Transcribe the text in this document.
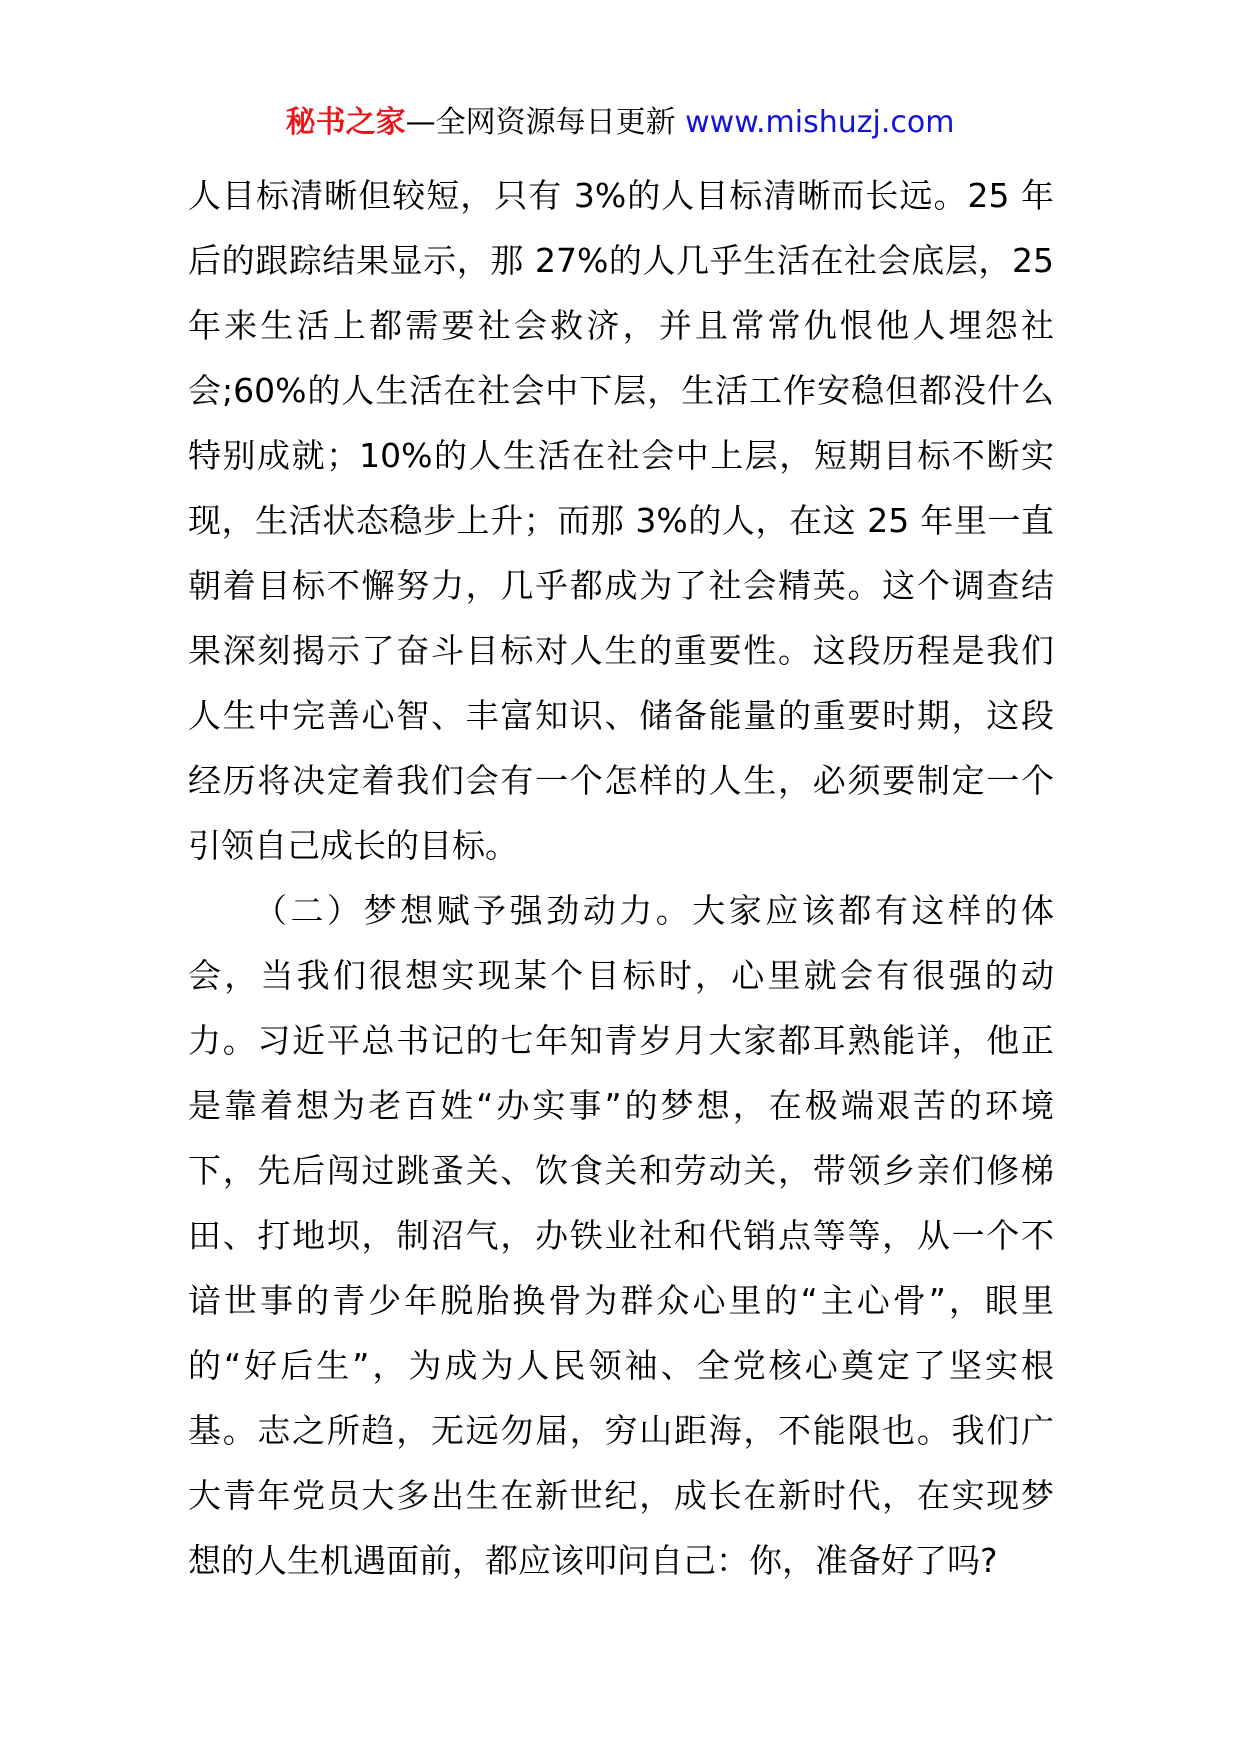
秘书之家—全网资源每日更新 www.mishuzj.com
人目标清晰但较短，只有 3%的人目标清晰而长远。25 年
后的跟踪结果显示，那 27%的人几乎生活在社会底层，25
年来生活上都需要社会救济，并且常常仇恨他人埋怨社
会;60%的人生活在社会中下层，生活工作安稳但都没什么
特别成就；10%的人生活在社会中上层，短期目标不断实
现，生活状态稳步上升；而那 3%的人，在这 25 年里一直
朝着目标不懈努力，几乎都成为了社会精英。这个调查结
果深刻揭示了奋斗目标对人生的重要性。这段历程是我们
人生中完善心智、丰富知识、储备能量的重要时期，这段
经历将决定着我们会有一个怎样的人生，必须要制定一个
引领自己成长的目标。
（二）梦想赋予强劲动力。大家应该都有这样的体
会，当我们很想实现某个目标时，心里就会有很强的动
力。习近平总书记的七年知青岁月大家都耳熟能详，他正
是靠着想为老百姓“办实事”的梦想，在极端艰苦的环境
下，先后闯过跳蚤关、饮食关和劳动关，带领乡亲们修梯
田、打地坝，制沼气，办铁业社和代销点等等，从一个不
谙世事的青少年脱胎换骨为群众心里的“主心骨”，眼里
的“好后生”，为成为人民领袖、全党核心奠定了坚实根
基。志之所趋，无远勿届，穷山距海，不能限也。我们广
大青年党员大多出生在新世纪，成长在新时代，在实现梦
想的人生机遇面前，都应该叩问自己：你，准备好了吗?
